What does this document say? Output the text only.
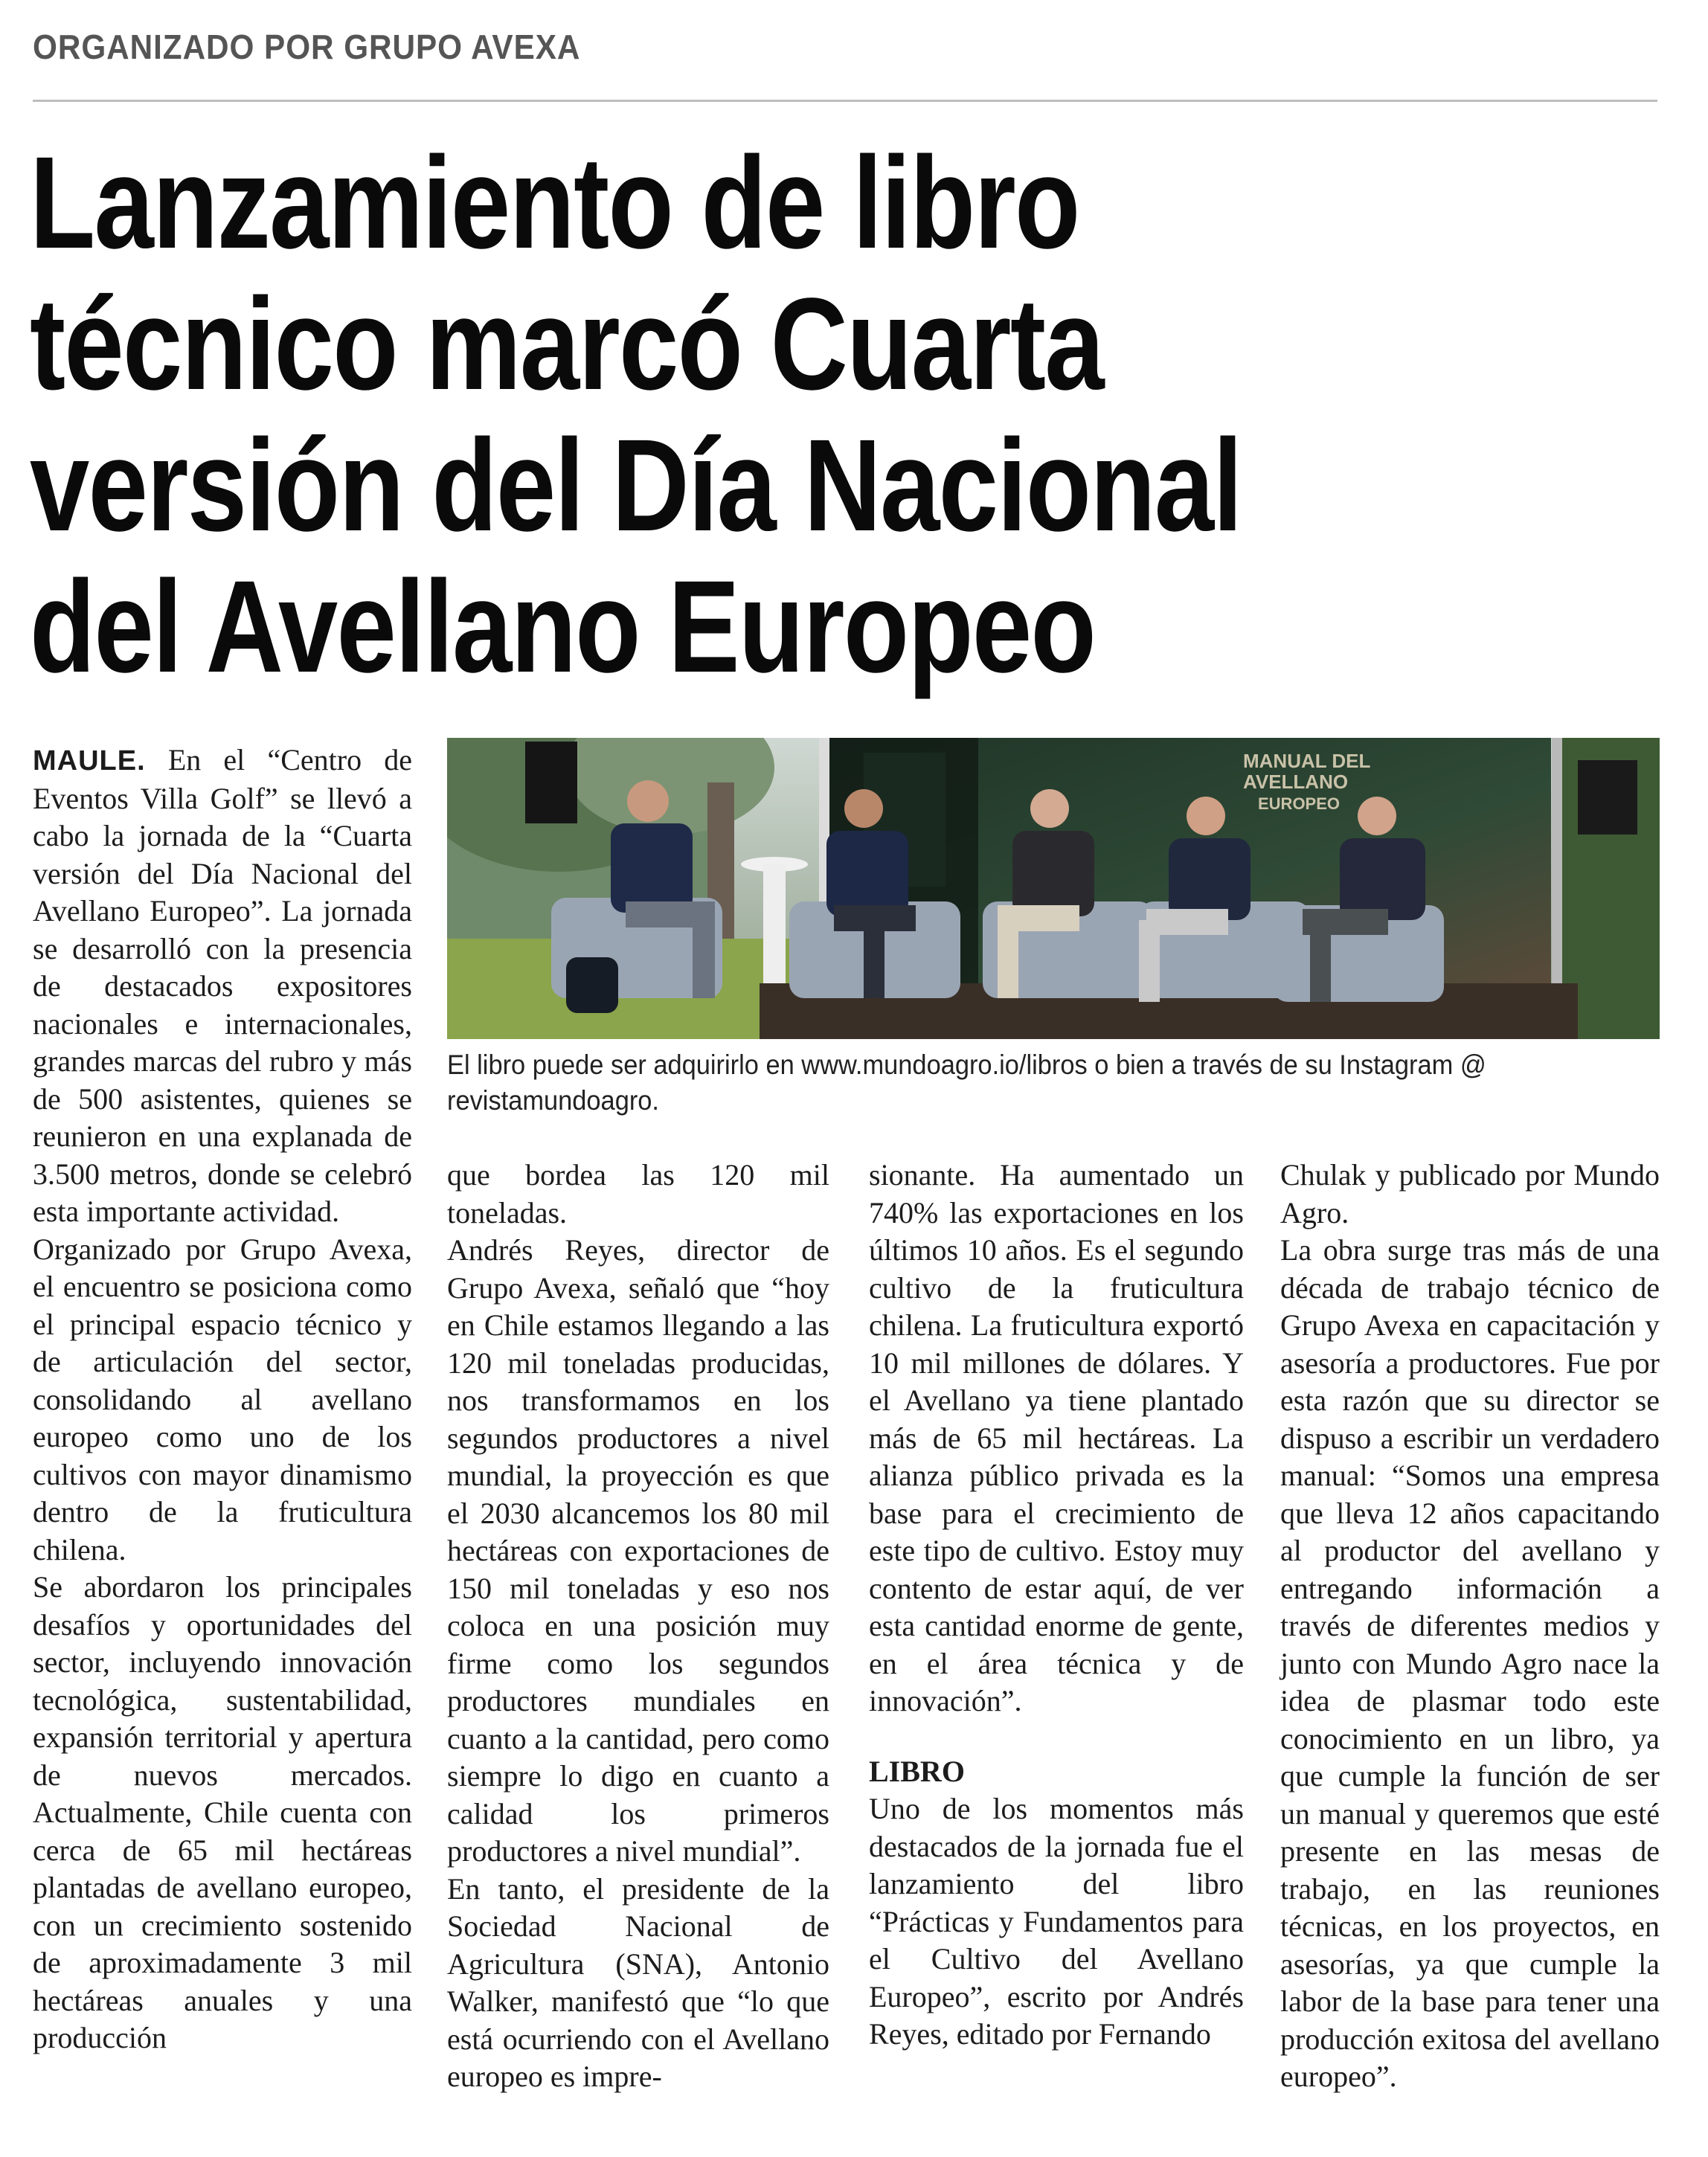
ORGANIZADO POR GRUPO AVEXA
Lanzamiento de libro
técnico marcó Cuarta
versión del Día Nacional
del Avellano Europeo

MAULE. En el “Centro de Eventos Villa Golf” se llevó a cabo la jornada de la “Cuarta versión del Día Nacional del Avellano Europeo”. La jornada se desarrolló con la presencia de destacados expositores nacionales e internacionales, grandes marcas del rubro y más de 500 asistentes, quienes se reunieron en una explanada de 3.500 metros, donde se celebró esta importante actividad.

Organizado por Grupo Avexa, el encuentro se posiciona como el principal espacio técnico y de articulación del sector, consolidando al avellano europeo como uno de los cultivos con mayor dinamismo dentro de la fruticultura chilena.

Se abordaron los principales desafíos y oportunidades del sector, incluyendo innovación tecnológica, sustentabilidad, expansión territorial y apertura de nuevos mercados. Actualmente, Chile cuenta con cerca de 65 mil hectáreas plantadas de avellano europeo, con un crecimiento sostenido de aproximadamente 3 mil hectáreas anuales y una producción

MANUAL DEL
AVELLANO
EUROPEO
El libro puede ser adquirirlo en www.mundoagro.io/libros o bien a través de su Instagram @ revistamundoagro.

que bordea las 120 mil toneladas.

Andrés Reyes, director de Grupo Avexa, señaló que “hoy en Chile estamos llegando a las 120 mil toneladas producidas, nos transformamos en los segundos productores a nivel mundial, la proyección es que el 2030 alcancemos los 80 mil hectáreas con exportaciones de 150 mil toneladas y eso nos coloca en una posición muy firme como los segundos productores mundiales en cuanto a la cantidad, pero como siempre lo digo en cuanto a calidad los primeros productores a nivel mundial”.

En tanto, el presidente de la Sociedad Nacional de Agricultura (SNA), Antonio Walker, manifestó que “lo que está ocurriendo con el Avellano europeo es impre-

sionante. Ha aumentado un 740% las exportaciones en los últimos 10 años. Es el segundo cultivo de la fruticultura chilena. La fruticultura exportó 10 mil millones de dólares. Y el Avellano ya tiene plantado más de 65 mil hectáreas. La alianza público privada es la base para el crecimiento de este tipo de cultivo. Estoy muy contento de estar aquí, de ver esta cantidad enorme de gente, en el área técnica y de innovación”.

LIBRO

Uno de los momentos más destacados de la jornada fue el lanzamiento del libro “Prácticas y Fundamentos para el Cultivo del Avellano Europeo”, escrito por Andrés Reyes, editado por Fernando

Chulak y publicado por Mundo Agro.

La obra surge tras más de una década de trabajo técnico de Grupo Avexa en capacitación y asesoría a productores. Fue por esta razón que su director se dispuso a escribir un verdadero manual: “Somos una empresa que lleva 12 años capacitando al productor del avellano y entregando información a través de diferentes medios y junto con Mundo Agro nace la idea de plasmar todo este conocimiento en un libro, ya que cumple la función de ser un manual y queremos que esté presente en las mesas de trabajo, en las reuniones técnicas, en los proyectos, en asesorías, ya que cumple la labor de la base para tener una producción exitosa del avellano europeo”.
